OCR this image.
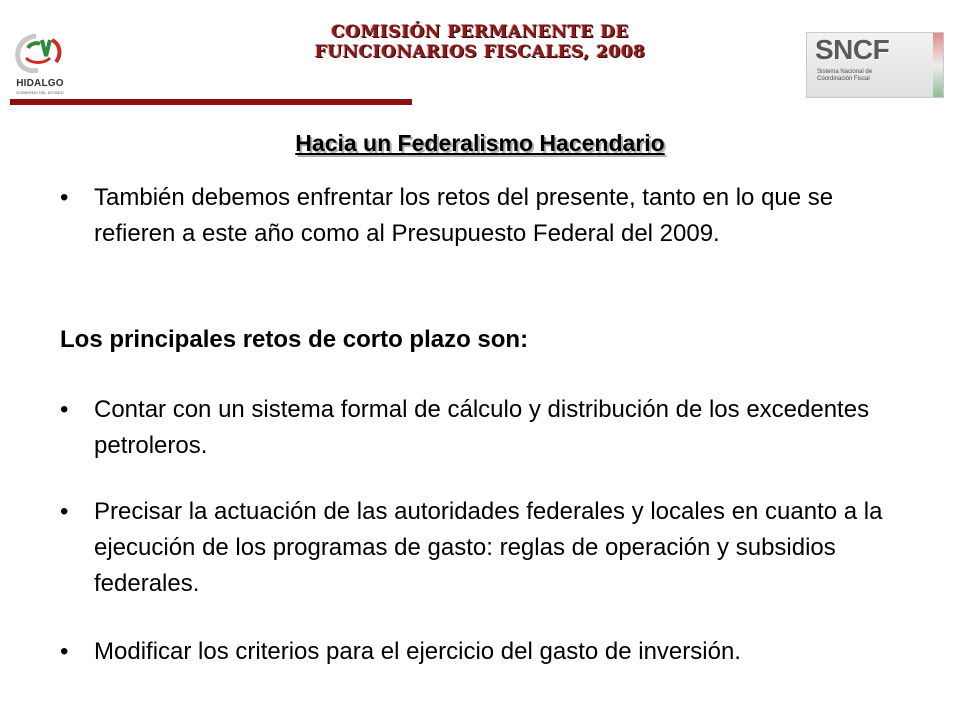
HIDALGO
GOBIERNO DEL ESTADO
COMISIÓN PERMANENTE DE
FUNCIONARIOS FISCALES, 2008	SNCF
Sistema Nacional de
Coordinación Fiscal
Hacia un Federalismo Hacendario
•	También debemos enfrentar los retos del presente, tanto en lo que se refieren a este año como al Presupuesto Federal del 2009.
Los principales retos de corto plazo son:
•	Contar con un sistema formal de cálculo y distribución de los excedentes petroleros.
•	Precisar la actuación de las autoridades federales y locales en cuanto a la ejecución de los programas de gasto: reglas de operación y subsidios federales.
•	Modificar los criterios para el ejercicio del gasto de inversión.
